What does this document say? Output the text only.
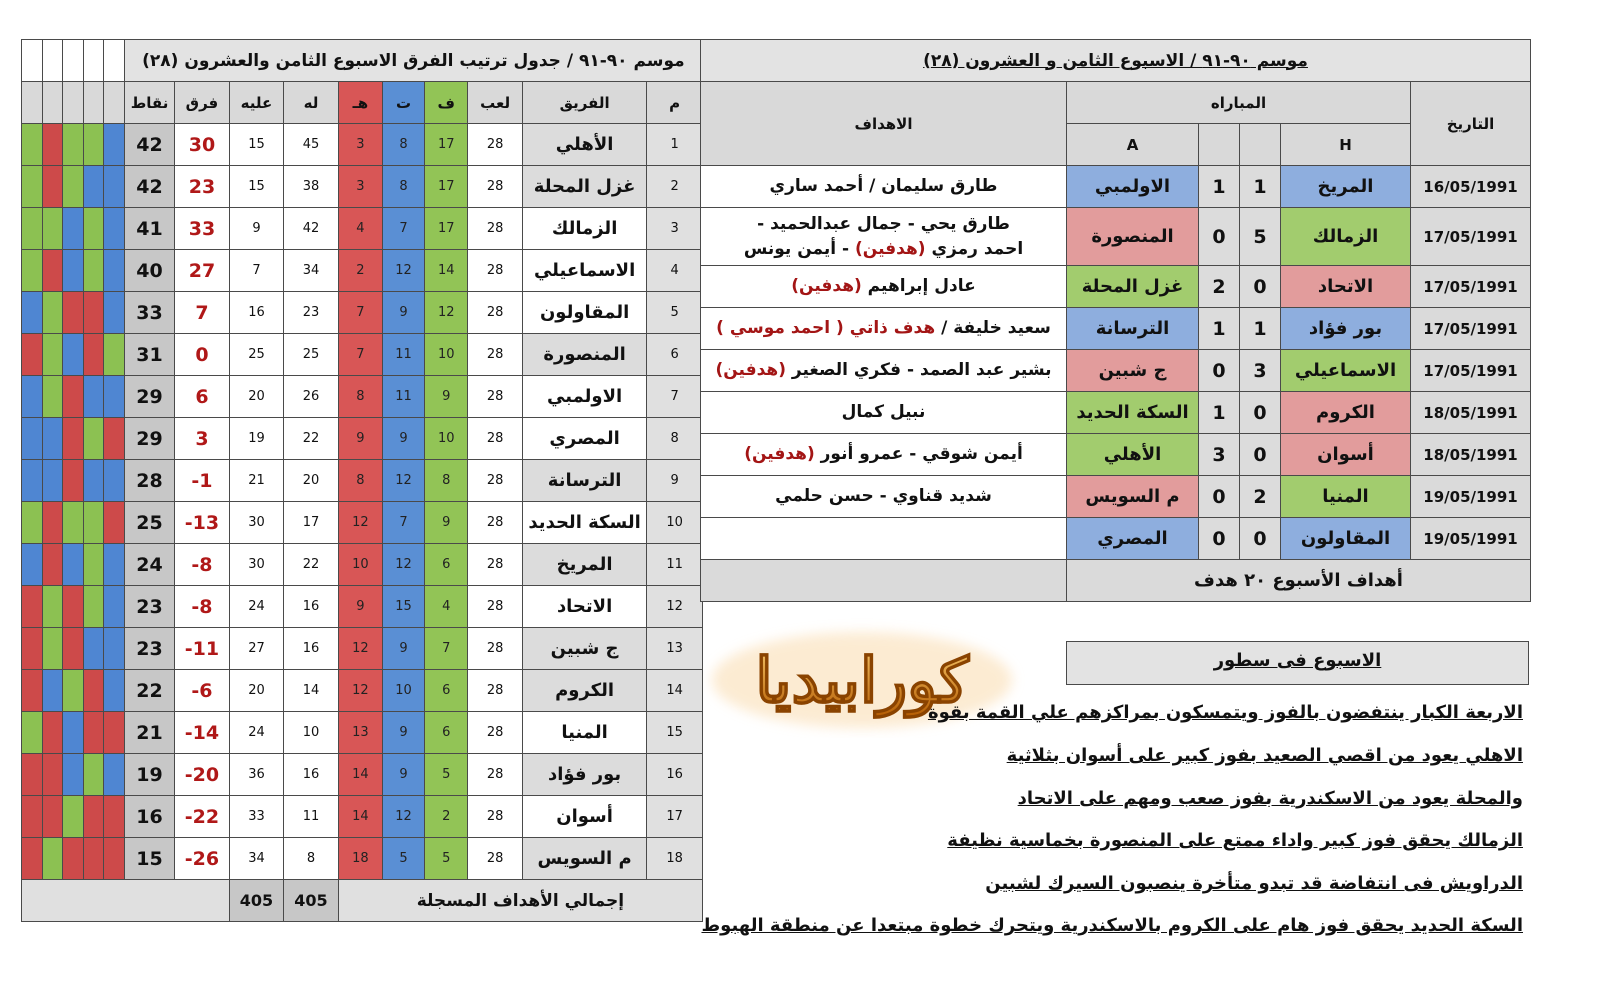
					موسم ٩٠-٩١ / جدول ترتيب الفرق الاسبوع الثامن والعشرون (٢٨)									
					نقاط	فرق	عليه	له	هـ	ت	ف	لعب	الفريق	م
					42	30	15	45	3	8	17	28	الأهلي	1
					42	23	15	38	3	8	17	28	غزل المحلة	2
					41	33	9	42	4	7	17	28	الزمالك	3
					40	27	7	34	2	12	14	28	الاسماعيلي	4
					33	7	16	23	7	9	12	28	المقاولون	5
					31	0	25	25	7	11	10	28	المنصورة	6
					29	6	20	26	8	11	9	28	الاولمبي	7
					29	3	19	22	9	9	10	28	المصري	8
					28	-1	21	20	8	12	8	28	الترسانة	9
					25	-13	30	17	12	7	9	28	السكة الحديد	10
					24	-8	30	22	10	12	6	28	المريخ	11
					23	-8	24	16	9	15	4	28	الاتحاد	12
					23	-11	27	16	12	9	7	28	ج شبين	13
					22	-6	20	14	12	10	6	28	الكروم	14
					21	-14	24	10	13	9	6	28	المنيا	15
					19	-20	36	16	14	9	5	28	بور فؤاد	16
					16	-22	33	11	14	12	2	28	أسوان	17
					15	-26	34	8	18	5	5	28	م السويس	18
							405	405	إجمالي الأهداف المسجلة					
موسم ٩٠-٩١ / الاسبوع الثامن و العشرون (٢٨)					
الاهداف	المباراه				التاريخ
	A			H	
طارق سليمان / أحمد ساري	الاولمبي	1	1	المريخ	16/05/1991
طارق يحي - جمال عبدالحميد -
احمد رمزي (هدفين) - أيمن يونس	المنصورة	0	5	الزمالك	17/05/1991
عادل إبراهيم (هدفين)	غزل المحلة	2	0	الاتحاد	17/05/1991
سعيد خليفة / هدف ذاتي ( احمد موسي )	الترسانة	1	1	بور فؤاد	17/05/1991
بشير عبد الصمد - فكري الصغير (هدفين)	ج شبين	0	3	الاسماعيلي	17/05/1991
نبيل كمال	السكة الحديد	1	0	الكروم	18/05/1991
أيمن شوقي - عمرو أنور (هدفين)	الأهلي	3	0	أسوان	18/05/1991
شديد قناوي - حسن حلمي	م السويس	0	2	المنيا	19/05/1991
	المصري	0	0	المقاولون	19/05/1991
	أهداف الأسبوع ٢٠ هدف				
كورابيديا	الاسبوع فى سطور
الاربعة الكبار ينتفضون بالفوز ويتمسكون بمراكزهم علي القمة بقوة
الاهلي يعود من اقصي الصعيد بفوز كبير على أسوان بثلاثية
والمحلة يعود من الاسكندرية بفوز صعب ومهم على الاتحاد
الزمالك يحقق فوز كبير واداء ممتع على المنصورة بخماسية نظيفة
الدراويش فى انتفاضة قد تبدو متأخرة ينصبون السيرك لشبين
السكة الحديد يحقق فوز هام على الكروم بالاسكندرية ويتحرك خطوة مبتعدا عن منطقة الهبوط
